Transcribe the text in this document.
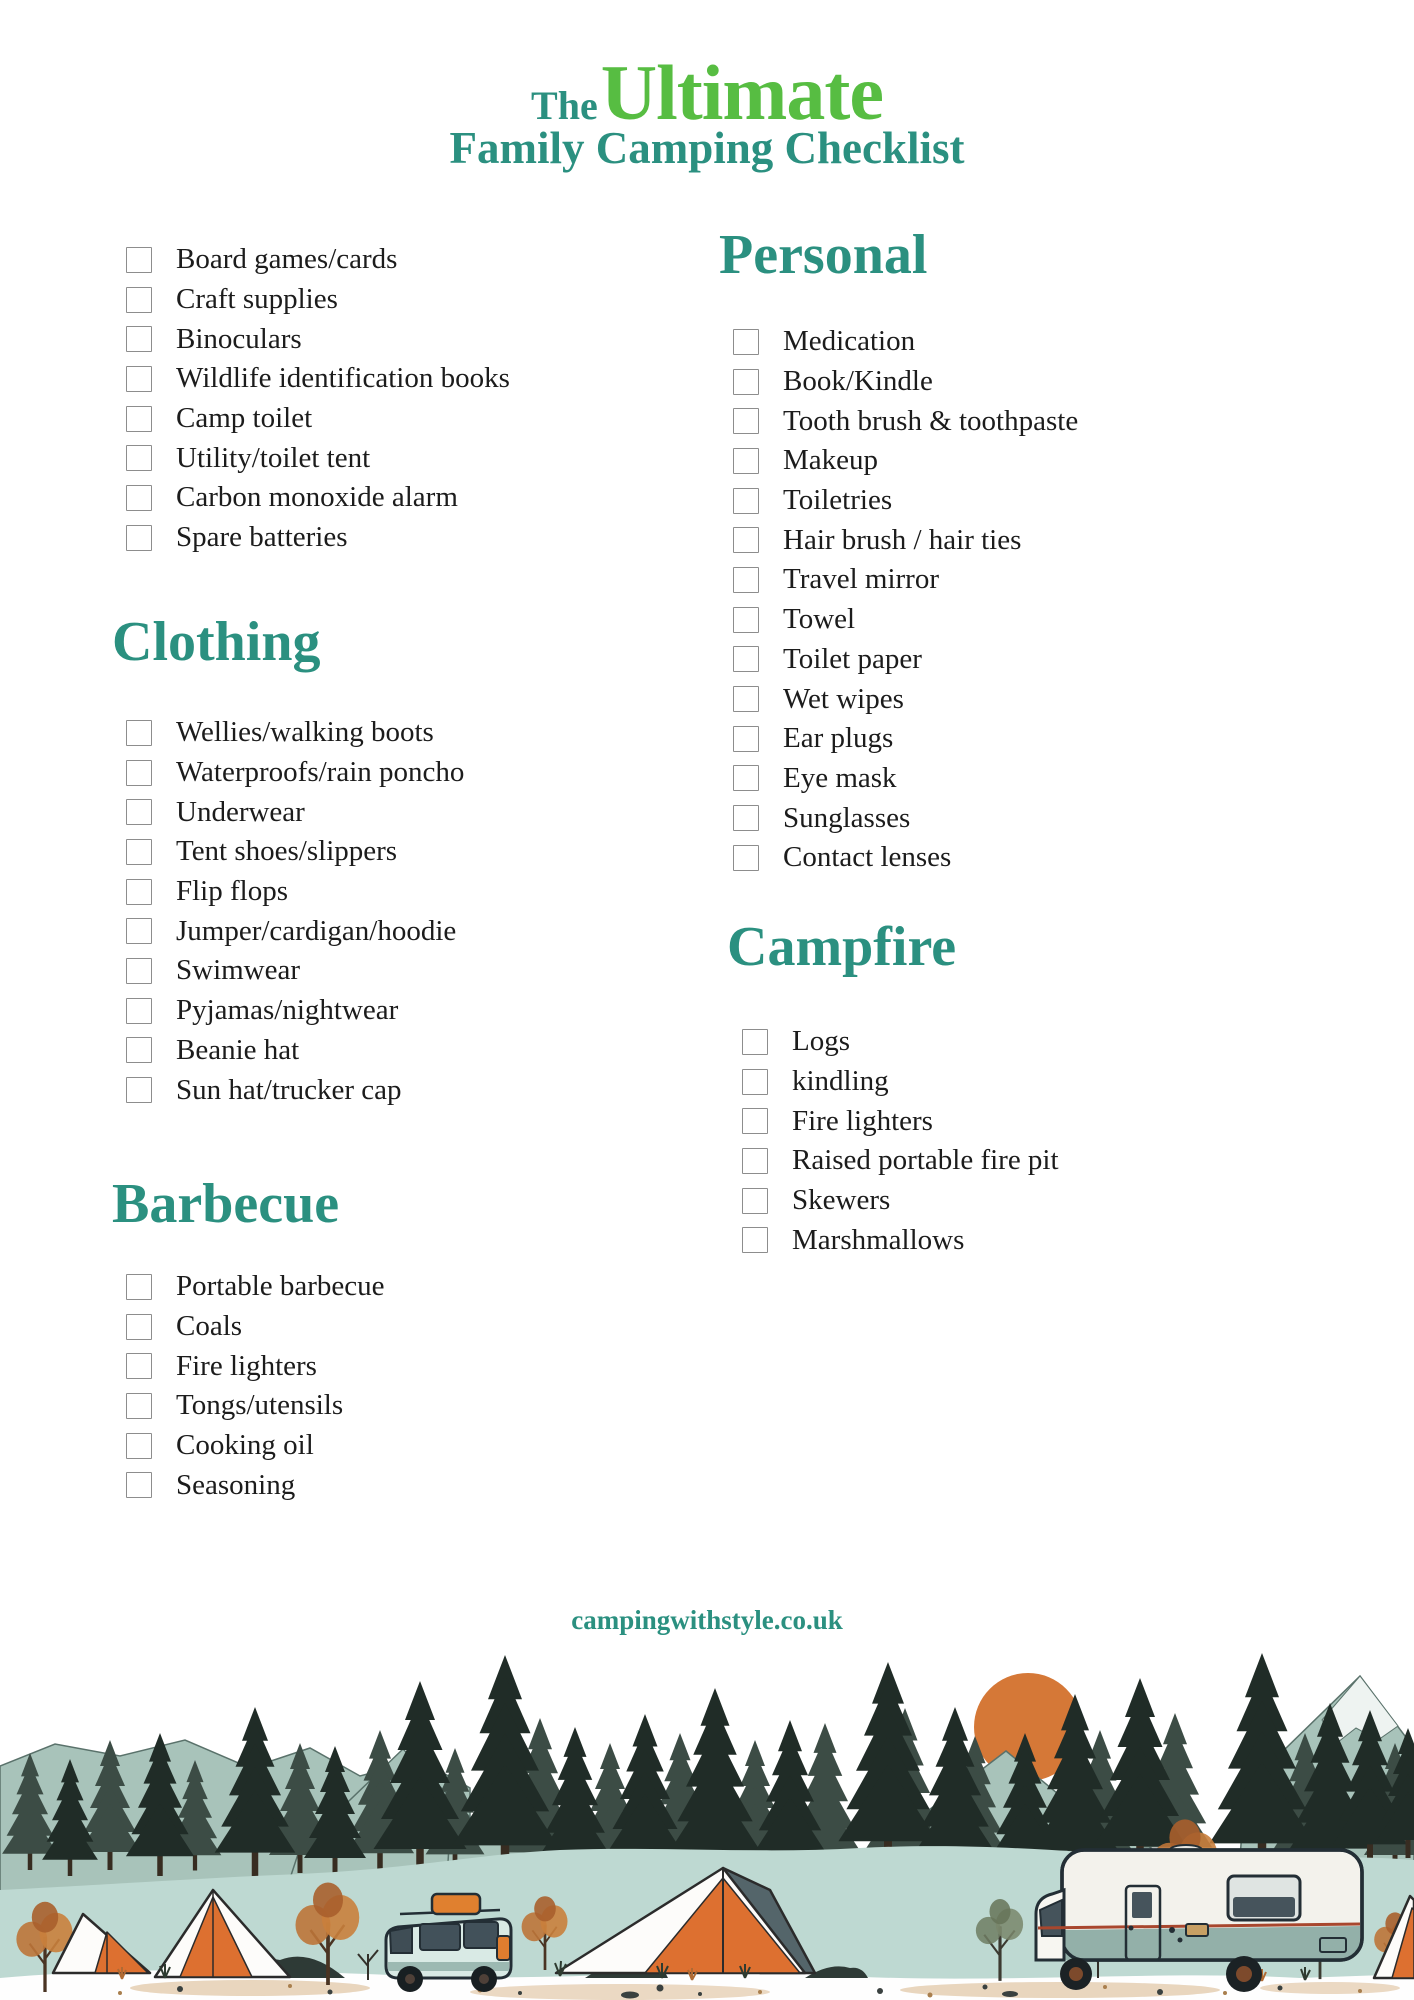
The Ultimate
Family Camping Checklist
Board games/cards
Craft supplies
Binoculars
Wildlife identification books
Camp toilet
Utility/toilet tent
Carbon monoxide alarm
Spare batteries
Clothing
Wellies/walking boots
Waterproofs/rain poncho
Underwear
Tent shoes/slippers
Flip flops
Jumper/cardigan/hoodie
Swimwear
Pyjamas/nightwear
Beanie hat
Sun hat/trucker cap
Barbecue
Portable barbecue
Coals
Fire lighters
Tongs/utensils
Cooking oil
Seasoning
Personal
Medication
Book/Kindle
Tooth brush & toothpaste
Makeup
Toiletries
Hair brush / hair ties
Travel mirror
Towel
Toilet paper
Wet wipes
Ear plugs
Eye mask
Sunglasses
Contact lenses
Campfire
Logs
kindling
Fire lighters
Raised portable fire pit
Skewers
Marshmallows
campingwithstyle.co.uk
